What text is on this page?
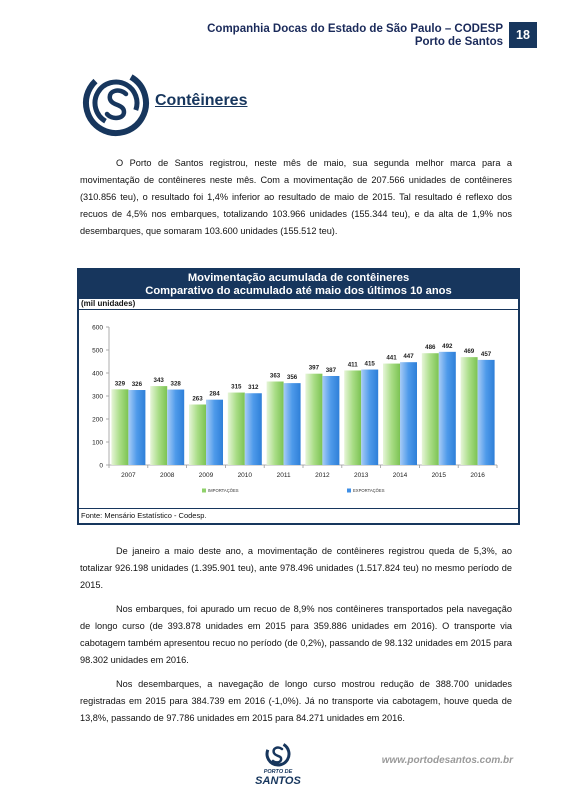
Companhia Docas do Estado de São Paulo – CODESP
Porto de Santos	18
Contêineres
O Porto de Santos registrou, neste mês de maio, sua segunda melhor marca para a movimentação de contêineres neste mês. Com a movimentação de 207.566 unidades de contêineres (310.856 teu), o resultado foi 1,4% inferior ao resultado de maio de 2015. Tal resultado é reflexo dos recuos de 4,5% nos embarques, totalizando 103.966 unidades (155.344 teu), e da alta de 1,9% nos desembarques, que somaram 103.600 unidades (155.512 teu).
Movimentação acumulada de contêineres
Comparativo do acumulado até maio dos últimos 10 anos
(mil unidades)
0
100
200
300
400
500
600
2007
329 326
2008
343 328
2009
263
284
2010
315 312
2011
363 356
2012
397 387
2013
411 415
2014
441 447
2015
486 492
2016
469 457
IMPORTAÇÕES	EXPORTAÇÕES
Fonte: Mensário Estatístico - Codesp.
De janeiro a maio deste ano, a movimentação de contêineres registrou queda de 5,3%, ao totalizar 926.198 unidades (1.395.901 teu), ante 978.496 unidades (1.517.824 teu) no mesmo período de 2015.
Nos embarques, foi apurado um recuo de 8,9% nos contêineres transportados pela navegação de longo curso (de 393.878 unidades em 2015 para 359.886 unidades em 2016). O transporte via cabotagem também apresentou recuo no período (de 0,2%), passando de 98.132 unidades em 2015 para 98.302 unidades em 2016.
Nos desembarques, a navegação de longo curso mostrou redução de 388.700 unidades registradas em 2015 para 384.739 em 2016 (-1,0%). Já no transporte via cabotagem, houve queda de 13,8%, passando de 97.786 unidades em 2015 para 84.271 unidades em 2016.
PORTO DE
SANTOS
www.portodesantos.com.br
